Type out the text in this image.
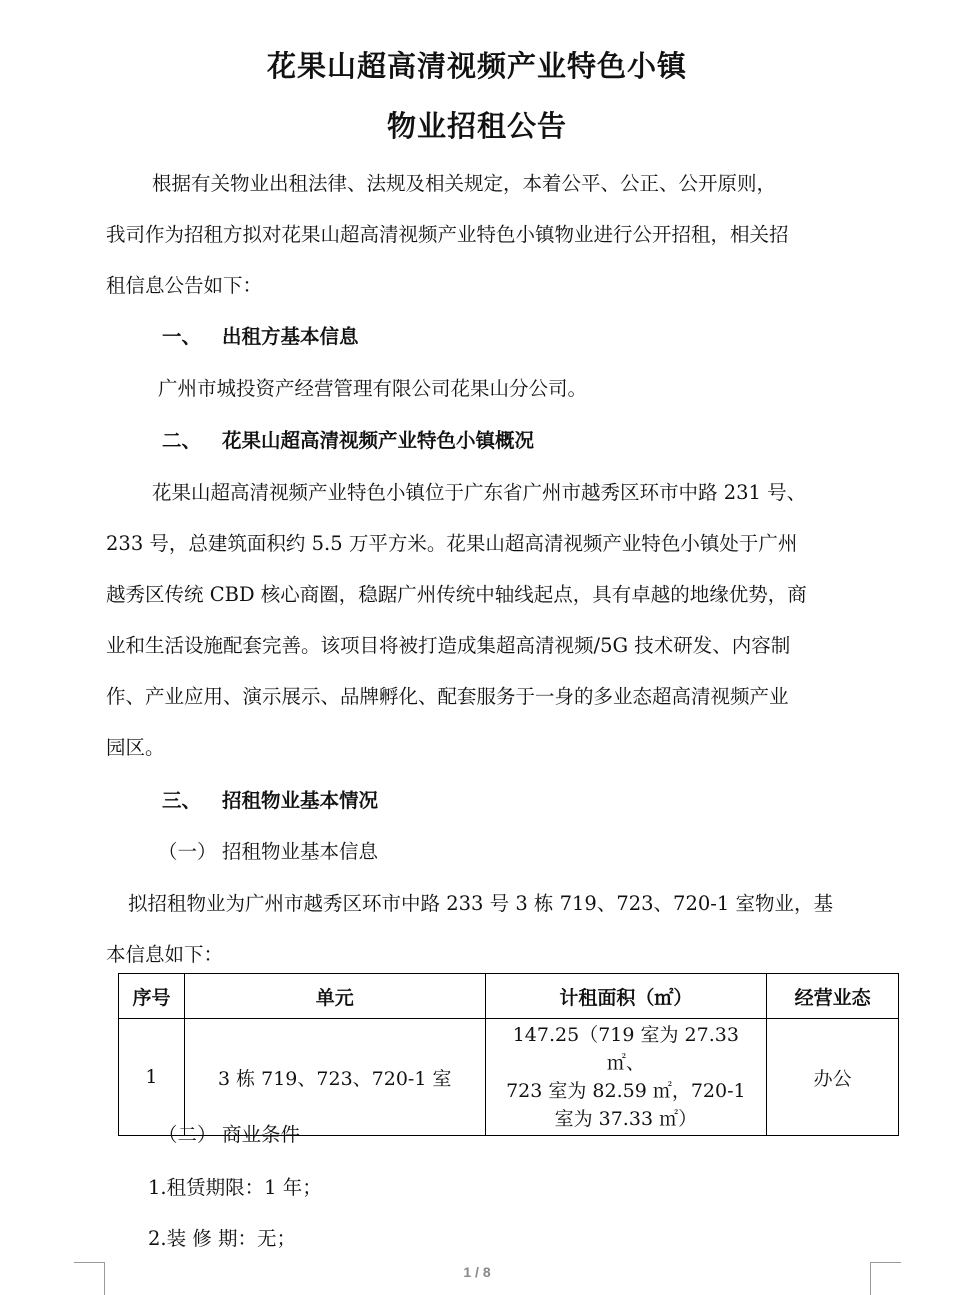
花果山超高清视频产业特色小镇
物业招租公告
根据有关物业出租法律、法规及相关规定，本着公平、公正、公开原则，
我司作为招租方拟对花果山超高清视频产业特色小镇物业进行公开招租，相关招
租信息公告如下：
一、 出租方基本信息
广州市城投资产经营管理有限公司花果山分公司。
二、 花果山超高清视频产业特色小镇概况
花果山超高清视频产业特色小镇位于广东省广州市越秀区环市中路 231 号、
233 号，总建筑面积约 5.5 万平方米。花果山超高清视频产业特色小镇处于广州
越秀区传统 CBD 核心商圈，稳踞广州传统中轴线起点，具有卓越的地缘优势，商
业和生活设施配套完善。该项目将被打造成集超高清视频/5G 技术研发、内容制
作、产业应用、演示展示、品牌孵化、配套服务于一身的多业态超高清视频产业
园区。
三、 招租物业基本情况
（一） 招租物业基本信息
拟招租物业为广州市越秀区环市中路 233 号 3 栋 719、723、720-1 室物业，基
本信息如下：
序号	单元	计租面积（㎡）	经营业态
1	3 栋 719、723、720-1 室	147.25（719 室为 27.33 ㎡、
723 室为 82.59 ㎡，720-1
室为 37.33 ㎡）	办公
（二） 商业条件
1.租赁期限：1 年；
2.装 修 期：无；
1 / 8
